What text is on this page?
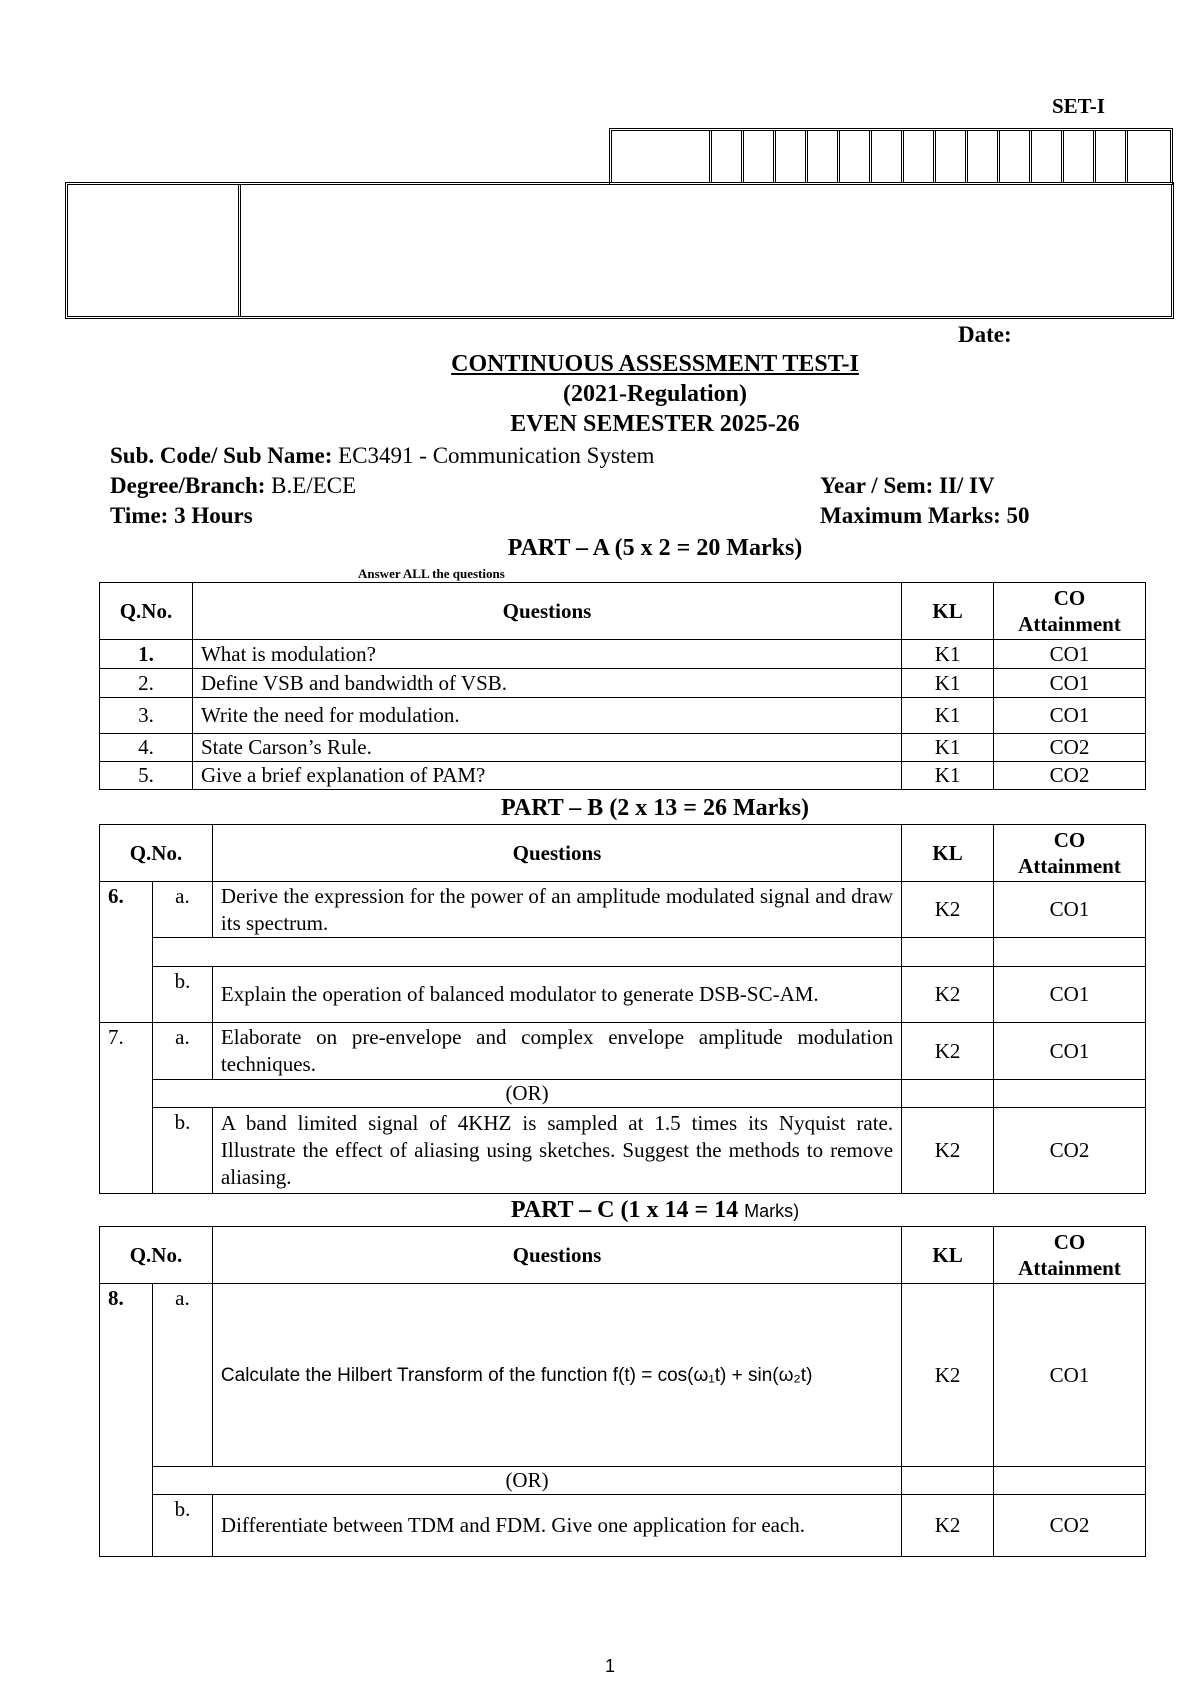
SET-I
Date:
CONTINUOUS ASSESSMENT TEST-I
(2021-Regulation)
EVEN SEMESTER 2025-26
Sub. Code/ Sub Name: EC3491 - Communication System
Degree/Branch: B.E/ECE	Year / Sem: II/ IV
Time: 3 Hours	Maximum Marks: 50
PART – A (5 x 2 = 20 Marks)
Answer ALL the questions
Q.No.	Questions	KL	CO Attainment
1.	What is modulation?	K1	CO1
2.	Define VSB and bandwidth of VSB.	K1	CO1
3.	Write the need for modulation.	K1	CO1
4.	State Carson’s Rule.	K1	CO2
5.	Give a brief explanation of PAM?	K1	CO2
PART – B (2 x 13 = 26 Marks)
Q.No.		Questions	KL	CO Attainment
6.	a.	Derive the expression for the power of an amplitude modulated signal and draw its spectrum.	K2	CO1

	b.	Explain the operation of balanced modulator to generate DSB-SC-AM.	K2	CO1
7.	a.	Elaborate on pre-envelope and complex envelope amplitude modulation techniques.	K2	CO1
	(OR)			
	b.	A band limited signal of 4KHZ is sampled at 1.5 times its Nyquist rate. Illustrate the effect of aliasing using sketches. Suggest the methods to remove aliasing.	K2	CO2
PART – C (1 x 14 = 14 Marks)
Q.No.		Questions	KL	CO Attainment
8.	a.	Calculate the Hilbert Transform of the function f(t) = cos(ω₁t) + sin(ω₂t)	K2	CO1
	(OR)			
	b.	Differentiate between TDM and FDM. Give one application for each.	K2	CO2
1
